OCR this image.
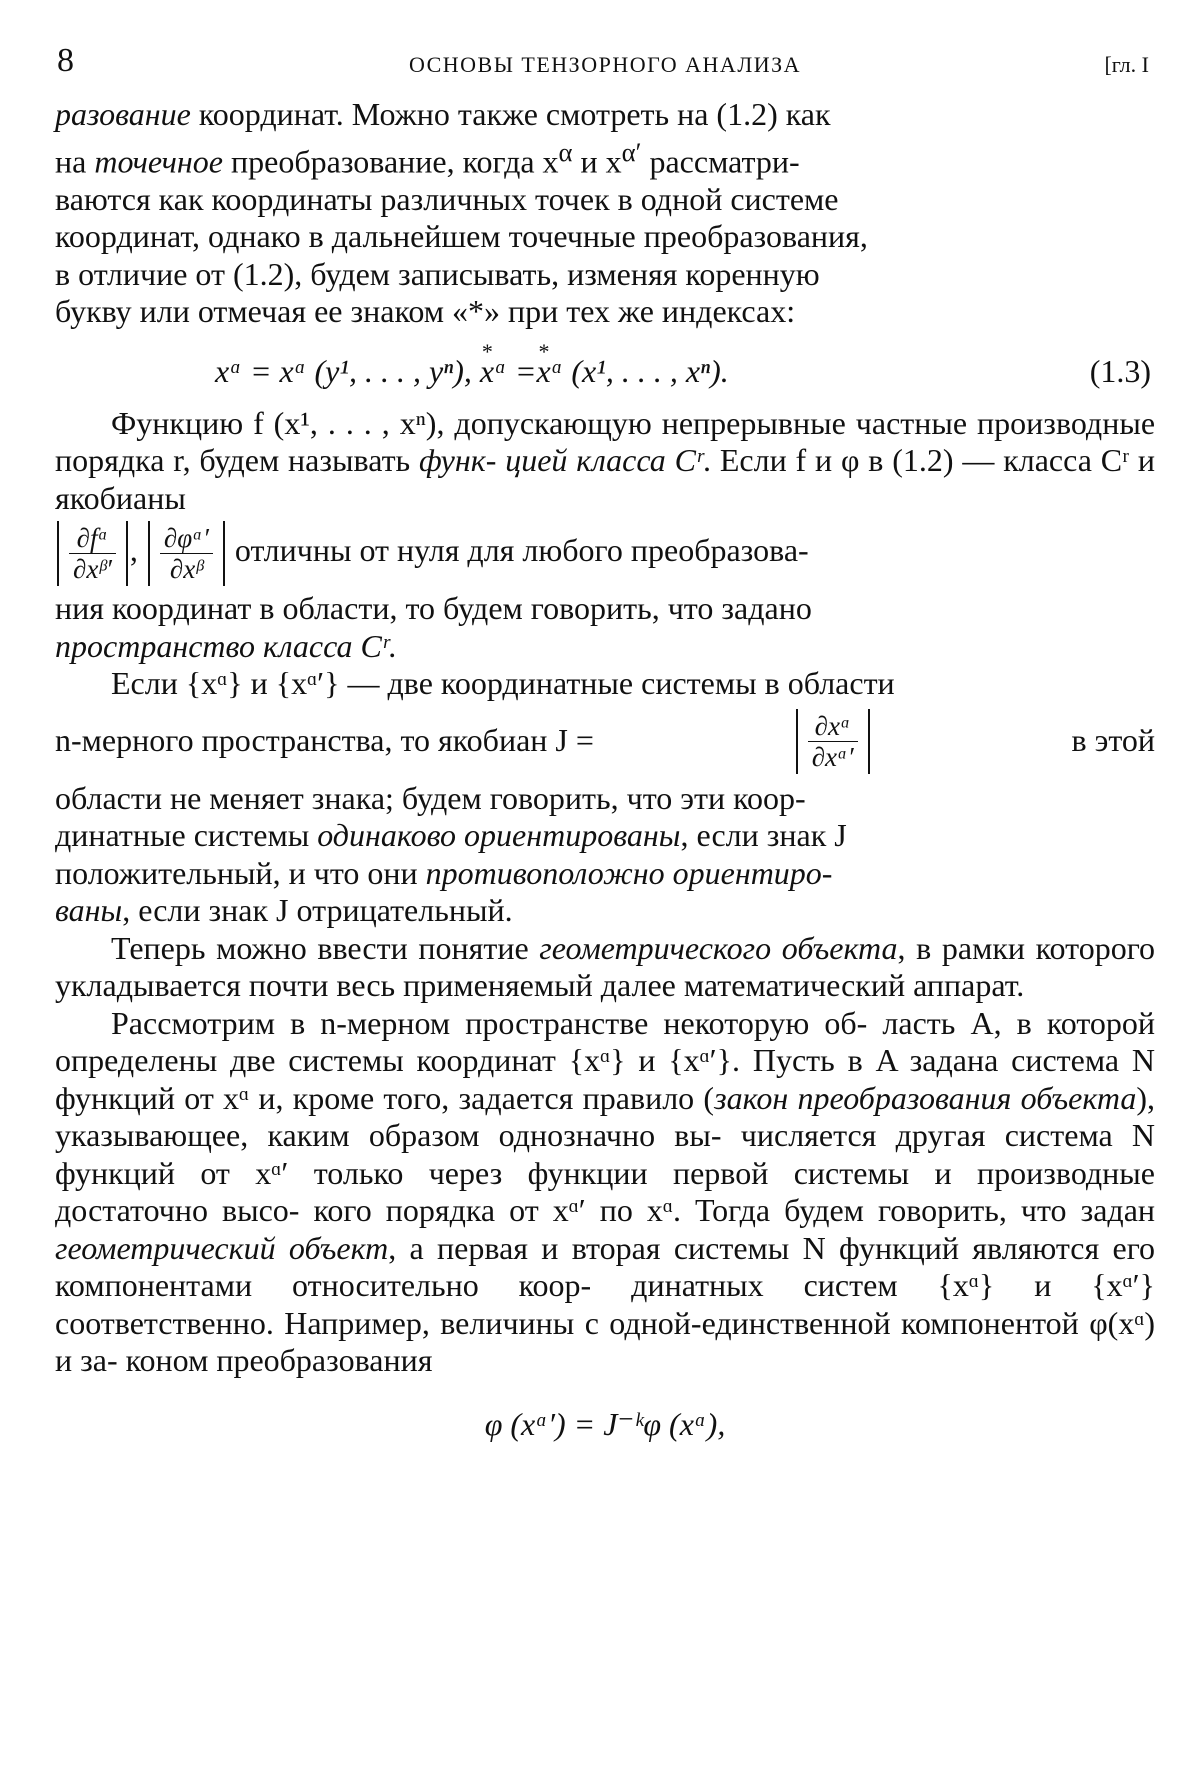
8	ОСНОВЫ ТЕНЗОРНОГО АНАЛИЗА	[гл. I

разование координат. Можно также смотреть на (1.2) как
на точечное преобразование, когда $x^\alpha$ и $x^{\alpha'}$ рассматри-
ваются как координаты различных точек в одной системе
координат, однако в дальнейшем точечные преобразования,
в отличие от (1.2), будем записывать, изменяя коренную
букву или отмечая ее знаком «*» при тех же индексах:

xᵅ = xᵅ (y¹, . . . , yⁿ), * xᵅ =* xᵅ (x¹, . . . , xⁿ).	(1.3)

Функцию f (x¹, . . . , xⁿ), допускающую непрерывные частные производные порядка r, будем называть функ- цией класса Cʳ. Если f и φ в (1.2) — класса Cʳ и якобианы

$\frac{\text{∂fᵅ}}{\text{∂xᵝ′}}$ , $\frac{\text{∂φᵅ′}}{\text{∂xᵝ}}$ отличны от нуля для любого преобразова-

ния координат в области, то будем говорить, что задано
пространство класса Cʳ.

Если {xᵅ} и {xᵅ′} — две координатные системы в области

n-мерного пространства, то якобиан J =	$\frac{\text{∂xᵅ}}{\text{∂xᵅ′}}$	в этой

области не меняет знака; будем говорить, что эти коор-
динатные системы одинаково ориентированы, если знак J
положительный, и что они противоположно ориентиро-
ваны, если знак J отрицательный.

Теперь можно ввести понятие геометрического объекта, в рамки которого укладывается почти весь применяемый далее математический аппарат.

Рассмотрим в n-мерном пространстве некоторую об- ласть A, в которой определены две системы координат {xᵅ} и {xᵅ′}. Пусть в A задана система N функций от xᵅ и, кроме того, задается правило (закон преобразования объекта), указывающее, каким образом однозначно вы- числяется другая система N функций от xᵅ′ только через функции первой системы и производные достаточно высо- кого порядка от xᵅ′ по xᵅ. Тогда будем говорить, что задан геометрический объект, а первая и вторая системы N функций являются его компонентами относительно коор- динатных систем {xᵅ} и {xᵅ′} соответственно. Например, величины с одной-единственной компонентой φ(xᵅ) и за- коном преобразования

φ (xᵅ′) = J⁻ᵏφ (xᵅ),
